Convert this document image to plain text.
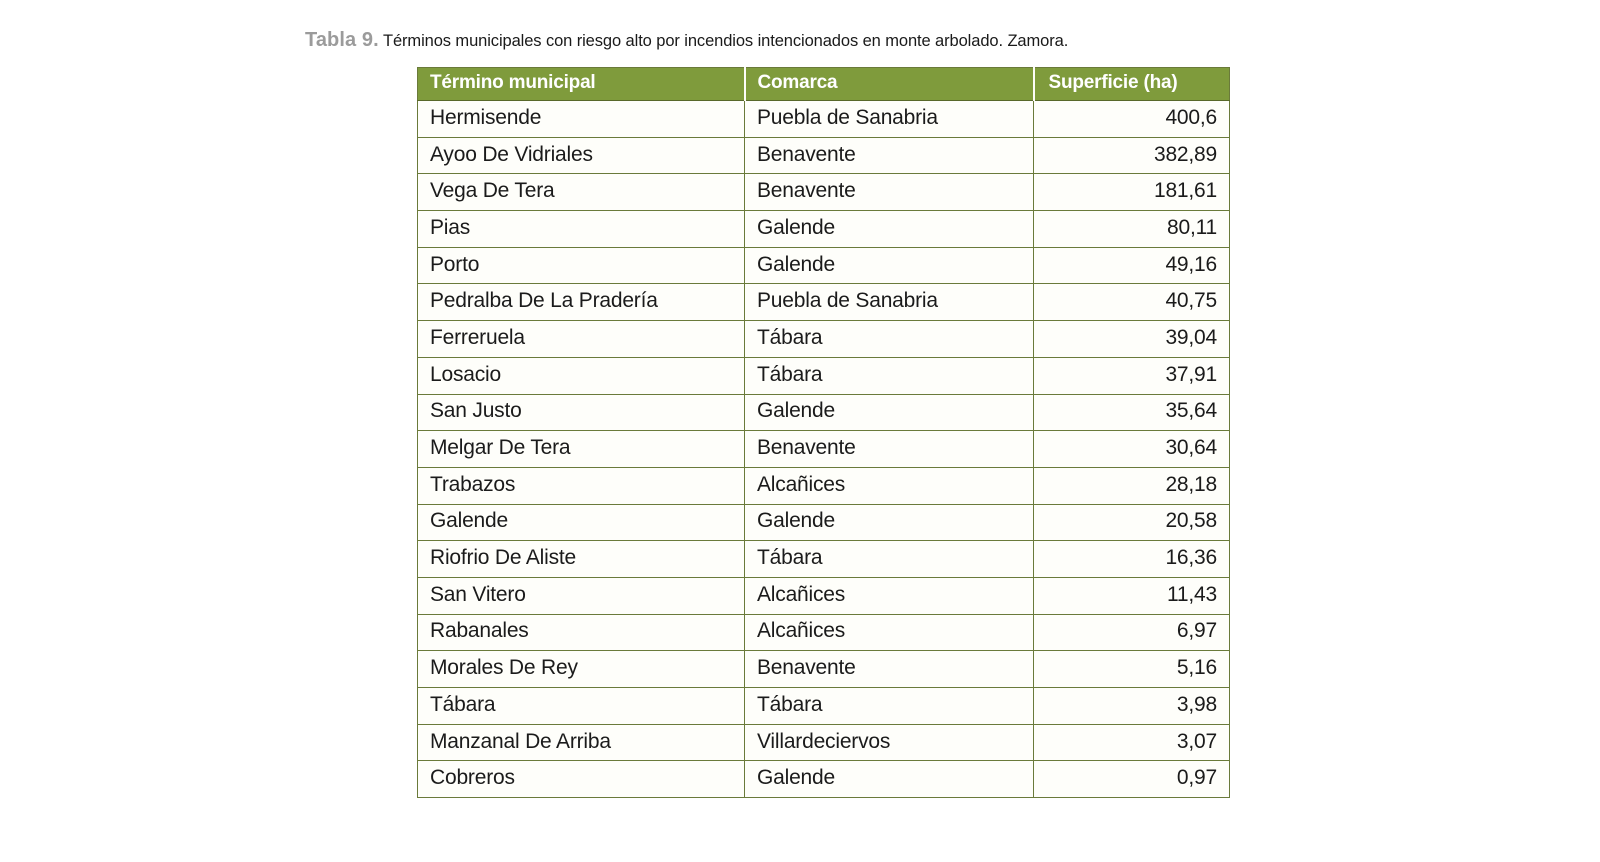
Tabla 9. Términos municipales con riesgo alto por incendios intencionados en monte arbolado. Zamora.
Término municipal	Comarca	Superficie (ha)
Hermisende	Puebla de Sanabria	400,6
Ayoo De Vidriales	Benavente	382,89
Vega De Tera	Benavente	181,61
Pias	Galende	80,11
Porto	Galende	49,16
Pedralba De La Pradería	Puebla de Sanabria	40,75
Ferreruela	Tábara	39,04
Losacio	Tábara	37,91
San Justo	Galende	35,64
Melgar De Tera	Benavente	30,64
Trabazos	Alcañices	28,18
Galende	Galende	20,58
Riofrio De Aliste	Tábara	16,36
San Vitero	Alcañices	11,43
Rabanales	Alcañices	6,97
Morales De Rey	Benavente	5,16
Tábara	Tábara	3,98
Manzanal De Arriba	Villardeciervos	3,07
Cobreros	Galende	0,97
